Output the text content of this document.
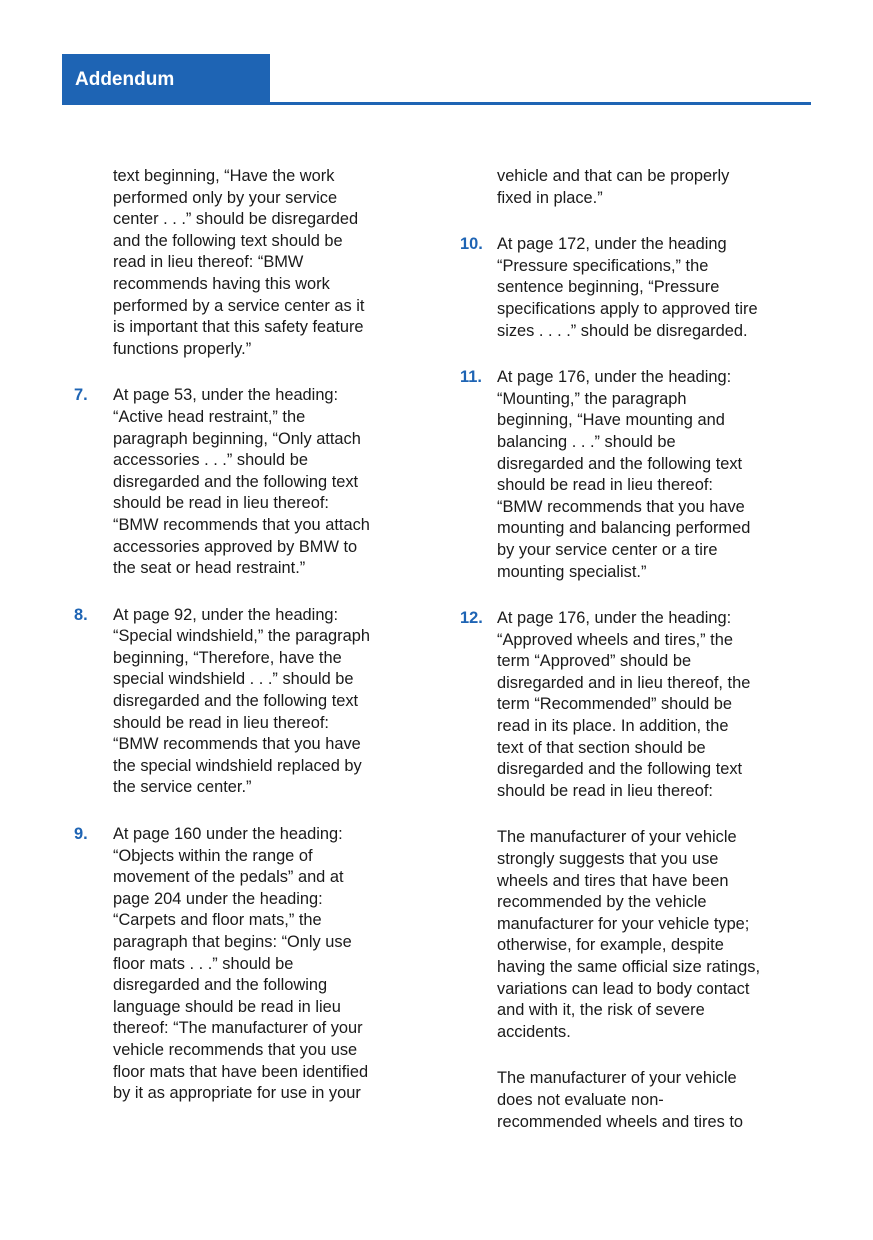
Addendum
text beginning, “Have the work
performed only by your service
center . . .” should be disregarded
and the following text should be
read in lieu thereof: “BMW
recommends having this work
performed by a service center as it
is important that this safety feature
functions properly.”
7. At page 53, under the heading:
“Active head restraint,” the
paragraph beginning, “Only attach
accessories . . .” should be
disregarded and the following text
should be read in lieu thereof:
“BMW recommends that you attach
accessories approved by BMW to
the seat or head restraint.”
8. At page 92, under the heading:
“Special windshield,” the paragraph
beginning, “Therefore, have the
special windshield . . .” should be
disregarded and the following text
should be read in lieu thereof:
“BMW recommends that you have
the special windshield replaced by
the service center.”
9. At page 160 under the heading:
“Objects within the range of
movement of the pedals” and at
page 204 under the heading:
“Carpets and floor mats,” the
paragraph that begins: “Only use
floor mats . . .” should be
disregarded and the following
language should be read in lieu
thereof: “The manufacturer of your
vehicle recommends that you use
floor mats that have been identified
by it as appropriate for use in your
vehicle and that can be properly
fixed in place.”
10. At page 172, under the heading
“Pressure specifications,” the
sentence beginning, “Pressure
specifications apply to approved tire
sizes . . . .” should be disregarded.
11. At page 176, under the heading:
“Mounting,” the paragraph
beginning, “Have mounting and
balancing . . .” should be
disregarded and the following text
should be read in lieu thereof:
“BMW recommends that you have
mounting and balancing performed
by your service center or a tire
mounting specialist.”
12. At page 176, under the heading:
“Approved wheels and tires,” the
term “Approved” should be
disregarded and in lieu thereof, the
term “Recommended” should be
read in its place. In addition, the
text of that section should be
disregarded and the following text
should be read in lieu thereof:
The manufacturer of your vehicle
strongly suggests that you use
wheels and tires that have been
recommended by the vehicle
manufacturer for your vehicle type;
otherwise, for example, despite
having the same official size ratings,
variations can lead to body contact
and with it, the risk of severe
accidents.
The manufacturer of your vehicle
does not evaluate non-
recommended wheels and tires to
